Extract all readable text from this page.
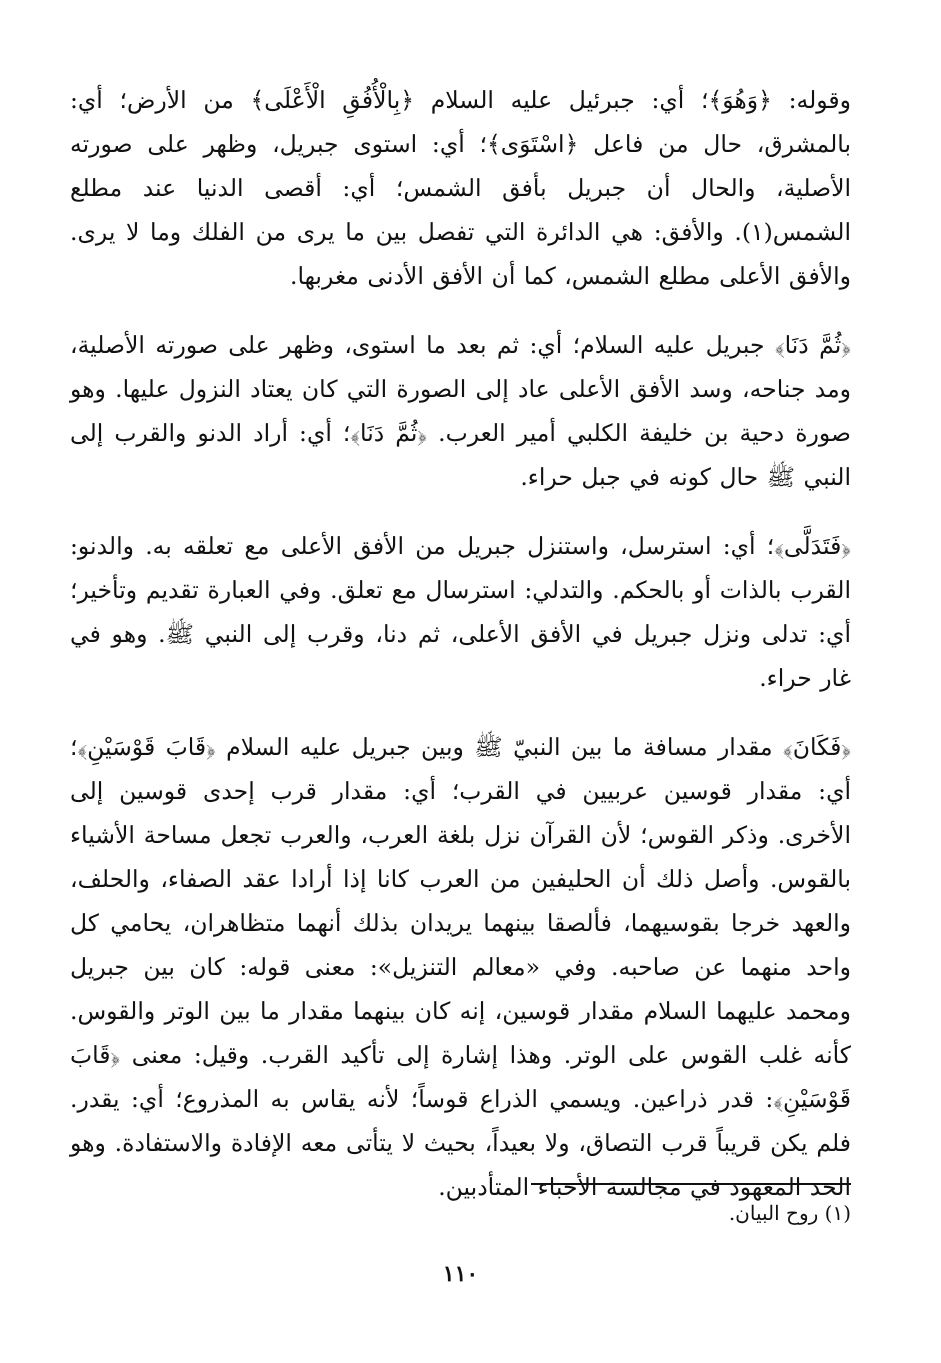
وقوله: ﴿وَهُوَ﴾؛ أي: جبرئيل عليه السلام ﴿بِالْأُفُقِ الْأَعْلَى﴾ من الأرض؛ أي: بالمشرق، حال من فاعل ﴿اسْتَوَى﴾؛ أي: استوى جبريل، وظهر على صورته الأصلية، والحال أن جبريل بأفق الشمس؛ أي: أقصى الدنيا عند مطلع الشمس(١). والأفق: هي الدائرة التي تفصل بين ما يرى من الفلك وما لا يرى. والأفق الأعلى مطلع الشمس، كما أن الأفق الأدنى مغربها.

﴿ثُمَّ دَنَا﴾ جبريل عليه السلام؛ أي: ثم بعد ما استوى، وظهر على صورته الأصلية، ومد جناحه، وسد الأفق الأعلى عاد إلى الصورة التي كان يعتاد النزول عليها. وهو صورة دحية بن خليفة الكلبي أمير العرب. ﴿ثُمَّ دَنَا﴾؛ أي: أراد الدنو والقرب إلى النبي ﷺ حال كونه في جبل حراء.

﴿فَتَدَلَّى﴾؛ أي: استرسل، واستنزل جبريل من الأفق الأعلى مع تعلقه به. والدنو: القرب بالذات أو بالحكم. والتدلي: استرسال مع تعلق. وفي العبارة تقديم وتأخير؛ أي: تدلى ونزل جبريل في الأفق الأعلى، ثم دنا، وقرب إلى النبي ﷺ. وهو في غار حراء.

﴿فَكَانَ﴾ مقدار مسافة ما بين النبيّ ﷺ وبين جبريل عليه السلام ﴿قَابَ قَوْسَيْنِ﴾؛ أي: مقدار قوسين عربيين في القرب؛ أي: مقدار قرب إحدى قوسين إلى الأخرى. وذكر القوس؛ لأن القرآن نزل بلغة العرب، والعرب تجعل مساحة الأشياء بالقوس. وأصل ذلك أن الحليفين من العرب كانا إذا أرادا عقد الصفاء، والحلف، والعهد خرجا بقوسيهما، فألصقا بينهما يريدان بذلك أنهما متظاهران، يحامي كل واحد منهما عن صاحبه. وفي «معالم التنزيل»: معنى قوله: كان بين جبريل ومحمد عليهما السلام مقدار قوسين، إنه كان بينهما مقدار ما بين الوتر والقوس. كأنه غلب القوس على الوتر. وهذا إشارة إلى تأكيد القرب. وقيل: معنى ﴿قَابَ قَوْسَيْنِ﴾: قدر ذراعين. ويسمي الذراع قوساً؛ لأنه يقاس به المذروع؛ أي: يقدر. فلم يكن قريباً قرب التصاق، ولا بعيداً، بحيث لا يتأتى معه الإفادة والاستفادة. وهو الحد المعهود في مجالسة الأحباء المتأدبين.

(١) روح البيان.
١١٠
